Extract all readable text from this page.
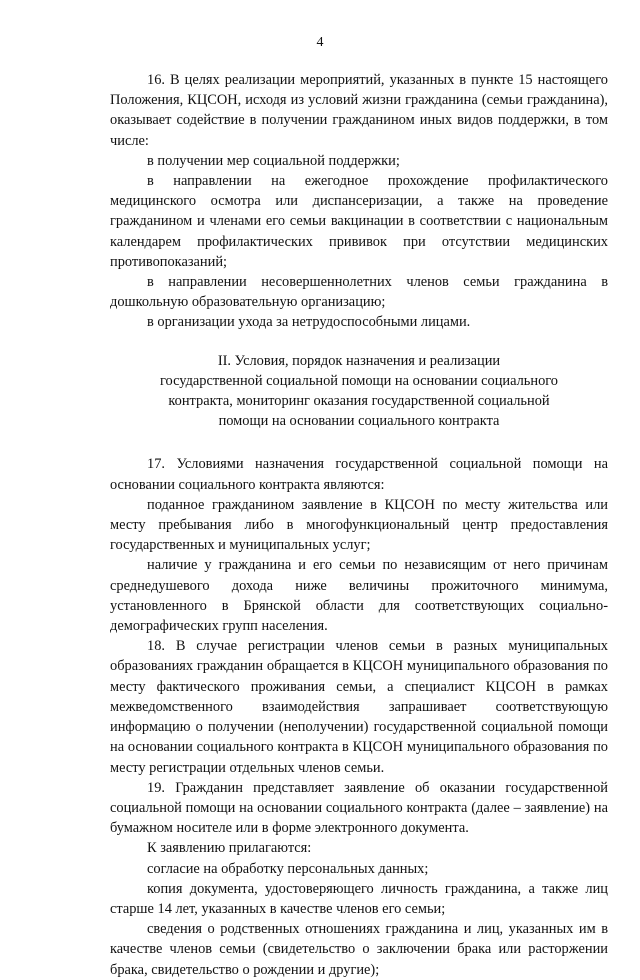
4

16. В целях реализации мероприятий, указанных в пункте 15 настоящего Положения, КЦСОН, исходя из условий жизни гражданина (семьи гражданина), оказывает содействие в получении гражданином иных видов поддержки, в том числе:

в получении мер социальной поддержки;

в направлении на ежегодное прохождение профилактического медицинского осмотра или диспансеризации, а также на проведение гражданином и членами его семьи вакцинации в соответствии с национальным календарем профилактических прививок при отсутствии медицинских противопоказаний;

в направлении несовершеннолетних членов семьи гражданина в дошкольную образовательную организацию;

в организации ухода за нетрудоспособными лицами.

II. Условия, порядок назначения и реализации
государственной социальной помощи на основании социального
контракта, мониторинг оказания государственной социальной
помощи на основании социального контракта

17. Условиями назначения государственной социальной помощи на основании социального контракта являются:

поданное гражданином заявление в КЦСОН по месту жительства или месту пребывания либо в многофункциональный центр предоставления государственных и муниципальных услуг;

наличие у гражданина и его семьи по независящим от него причинам среднедушевого дохода ниже величины прожиточного минимума, установленного в Брянской области для соответствующих социально-демографических групп населения.

18. В случае регистрации членов семьи в разных муниципальных образованиях гражданин обращается в КЦСОН муниципального образования по месту фактического проживания семьи, а специалист КЦСОН в рамках межведомственного взаимодействия запрашивает соответствующую информацию о получении (неполучении) государственной социальной помощи на основании социального контракта в КЦСОН муниципального образования по месту регистрации отдельных членов семьи.

19. Гражданин представляет заявление об оказании государственной социальной помощи на основании социального контракта (далее – заявление) на бумажном носителе или в форме электронного документа.

К заявлению прилагаются:

согласие на обработку персональных данных;

копия документа, удостоверяющего личность гражданина, а также лиц старше 14 лет, указанных в качестве членов его семьи;

сведения о родственных отношениях гражданина и лиц, указанных им в качестве членов семьи (свидетельство о заключении брака или расторжении брака, свидетельство о рождении и другие);
